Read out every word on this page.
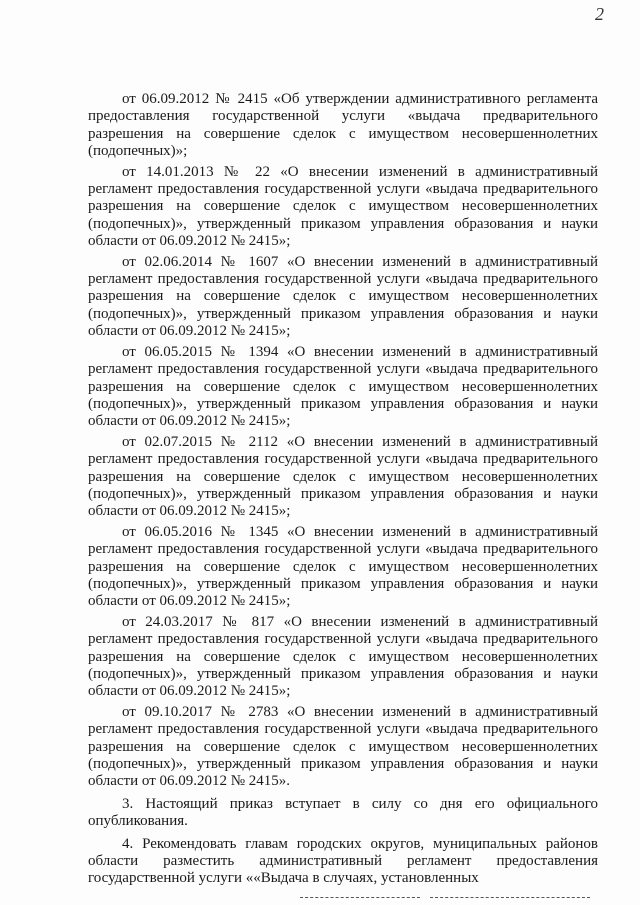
2

от 06.09.2012 № 2415 «Об утверждении административного регламента предоставления государственной услуги «выдача предварительного разрешения на совершение сделок с имуществом несовершеннолетних (подопечных)»;

от 14.01.2013 № 22 «О внесении изменений в административный регламент предоставления государственной услуги «выдача предварительного разрешения на совершение сделок с имуществом несовершеннолетних (подопечных)», утвержденный приказом управления образования и науки области от 06.09.2012 № 2415»;

от 02.06.2014 № 1607 «О внесении изменений в административный регламент предоставления государственной услуги «выдача предварительного разрешения на совершение сделок с имуществом несовершеннолетних (подопечных)», утвержденный приказом управления образования и науки области от 06.09.2012 № 2415»;

от 06.05.2015 № 1394 «О внесении изменений в административный регламент предоставления государственной услуги «выдача предварительного разрешения на совершение сделок с имуществом несовершеннолетних (подопечных)», утвержденный приказом управления образования и науки области от 06.09.2012 № 2415»;

от 02.07.2015 № 2112 «О внесении изменений в административный регламент предоставления государственной услуги «выдача предварительного разрешения на совершение сделок с имуществом несовершеннолетних (подопечных)», утвержденный приказом управления образования и науки области от 06.09.2012 № 2415»;

от 06.05.2016 № 1345 «О внесении изменений в административный регламент предоставления государственной услуги «выдача предварительного разрешения на совершение сделок с имуществом несовершеннолетних (подопечных)», утвержденный приказом управления образования и науки области от 06.09.2012 № 2415»;

от 24.03.2017 № 817 «О внесении изменений в административный регламент предоставления государственной услуги «выдача предварительного разрешения на совершение сделок с имуществом несовершеннолетних (подопечных)», утвержденный приказом управления образования и науки области от 06.09.2012 № 2415»;

от 09.10.2017 № 2783 «О внесении изменений в административный регламент предоставления государственной услуги «выдача предварительного разрешения на совершение сделок с имуществом несовершеннолетних (подопечных)», утвержденный приказом управления образования и науки области от 06.09.2012 № 2415».

3. Настоящий приказ вступает в силу со дня его официального опубликования.

4. Рекомендовать главам городских округов, муниципальных районов области разместить административный регламент предоставления государственной услуги ««Выдача в случаях, установленных
